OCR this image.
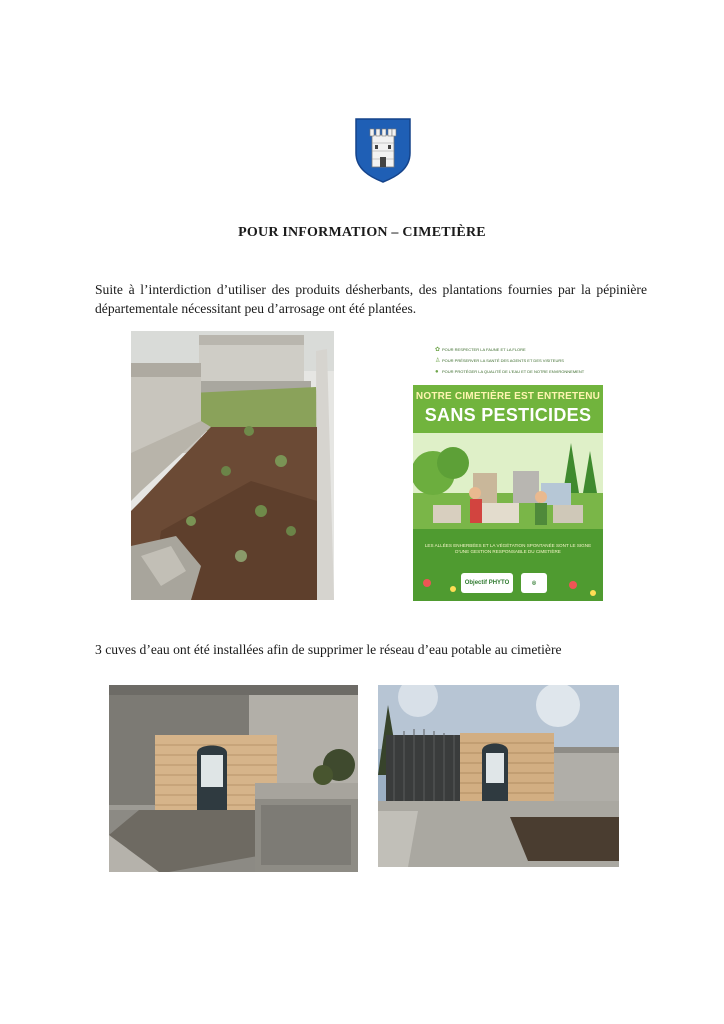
POUR INFORMATION – CIMETIÈRE
Suite à l’interdiction d’utiliser des produits désherbants, des plantations fournies par la pépinière départementale nécessitant peu d’arrosage ont été plantées.
✿ POUR RESPECTER LA FAUNE ET LA FLORE
♙ POUR PRÉSERVER LA SANTÉ DES AGENTS ET DES VISITEURS
● POUR PROTÉGER LA QUALITÉ DE L’EAU ET DE NOTRE ENVIRONNEMENT
NOTRE CIMETIÈRE EST ENTRETENU
SANS PESTICIDES
LES ALLÉES ENHERBÉES ET LA VÉGÉTATION SPONTANÉE SONT LE SIGNE D’UNE GESTION RESPONSABLE DU CIMETIÈRE
Objectif PHYTO	◎
3 cuves d’eau ont été installées afin de supprimer le réseau d’eau potable au cimetière
